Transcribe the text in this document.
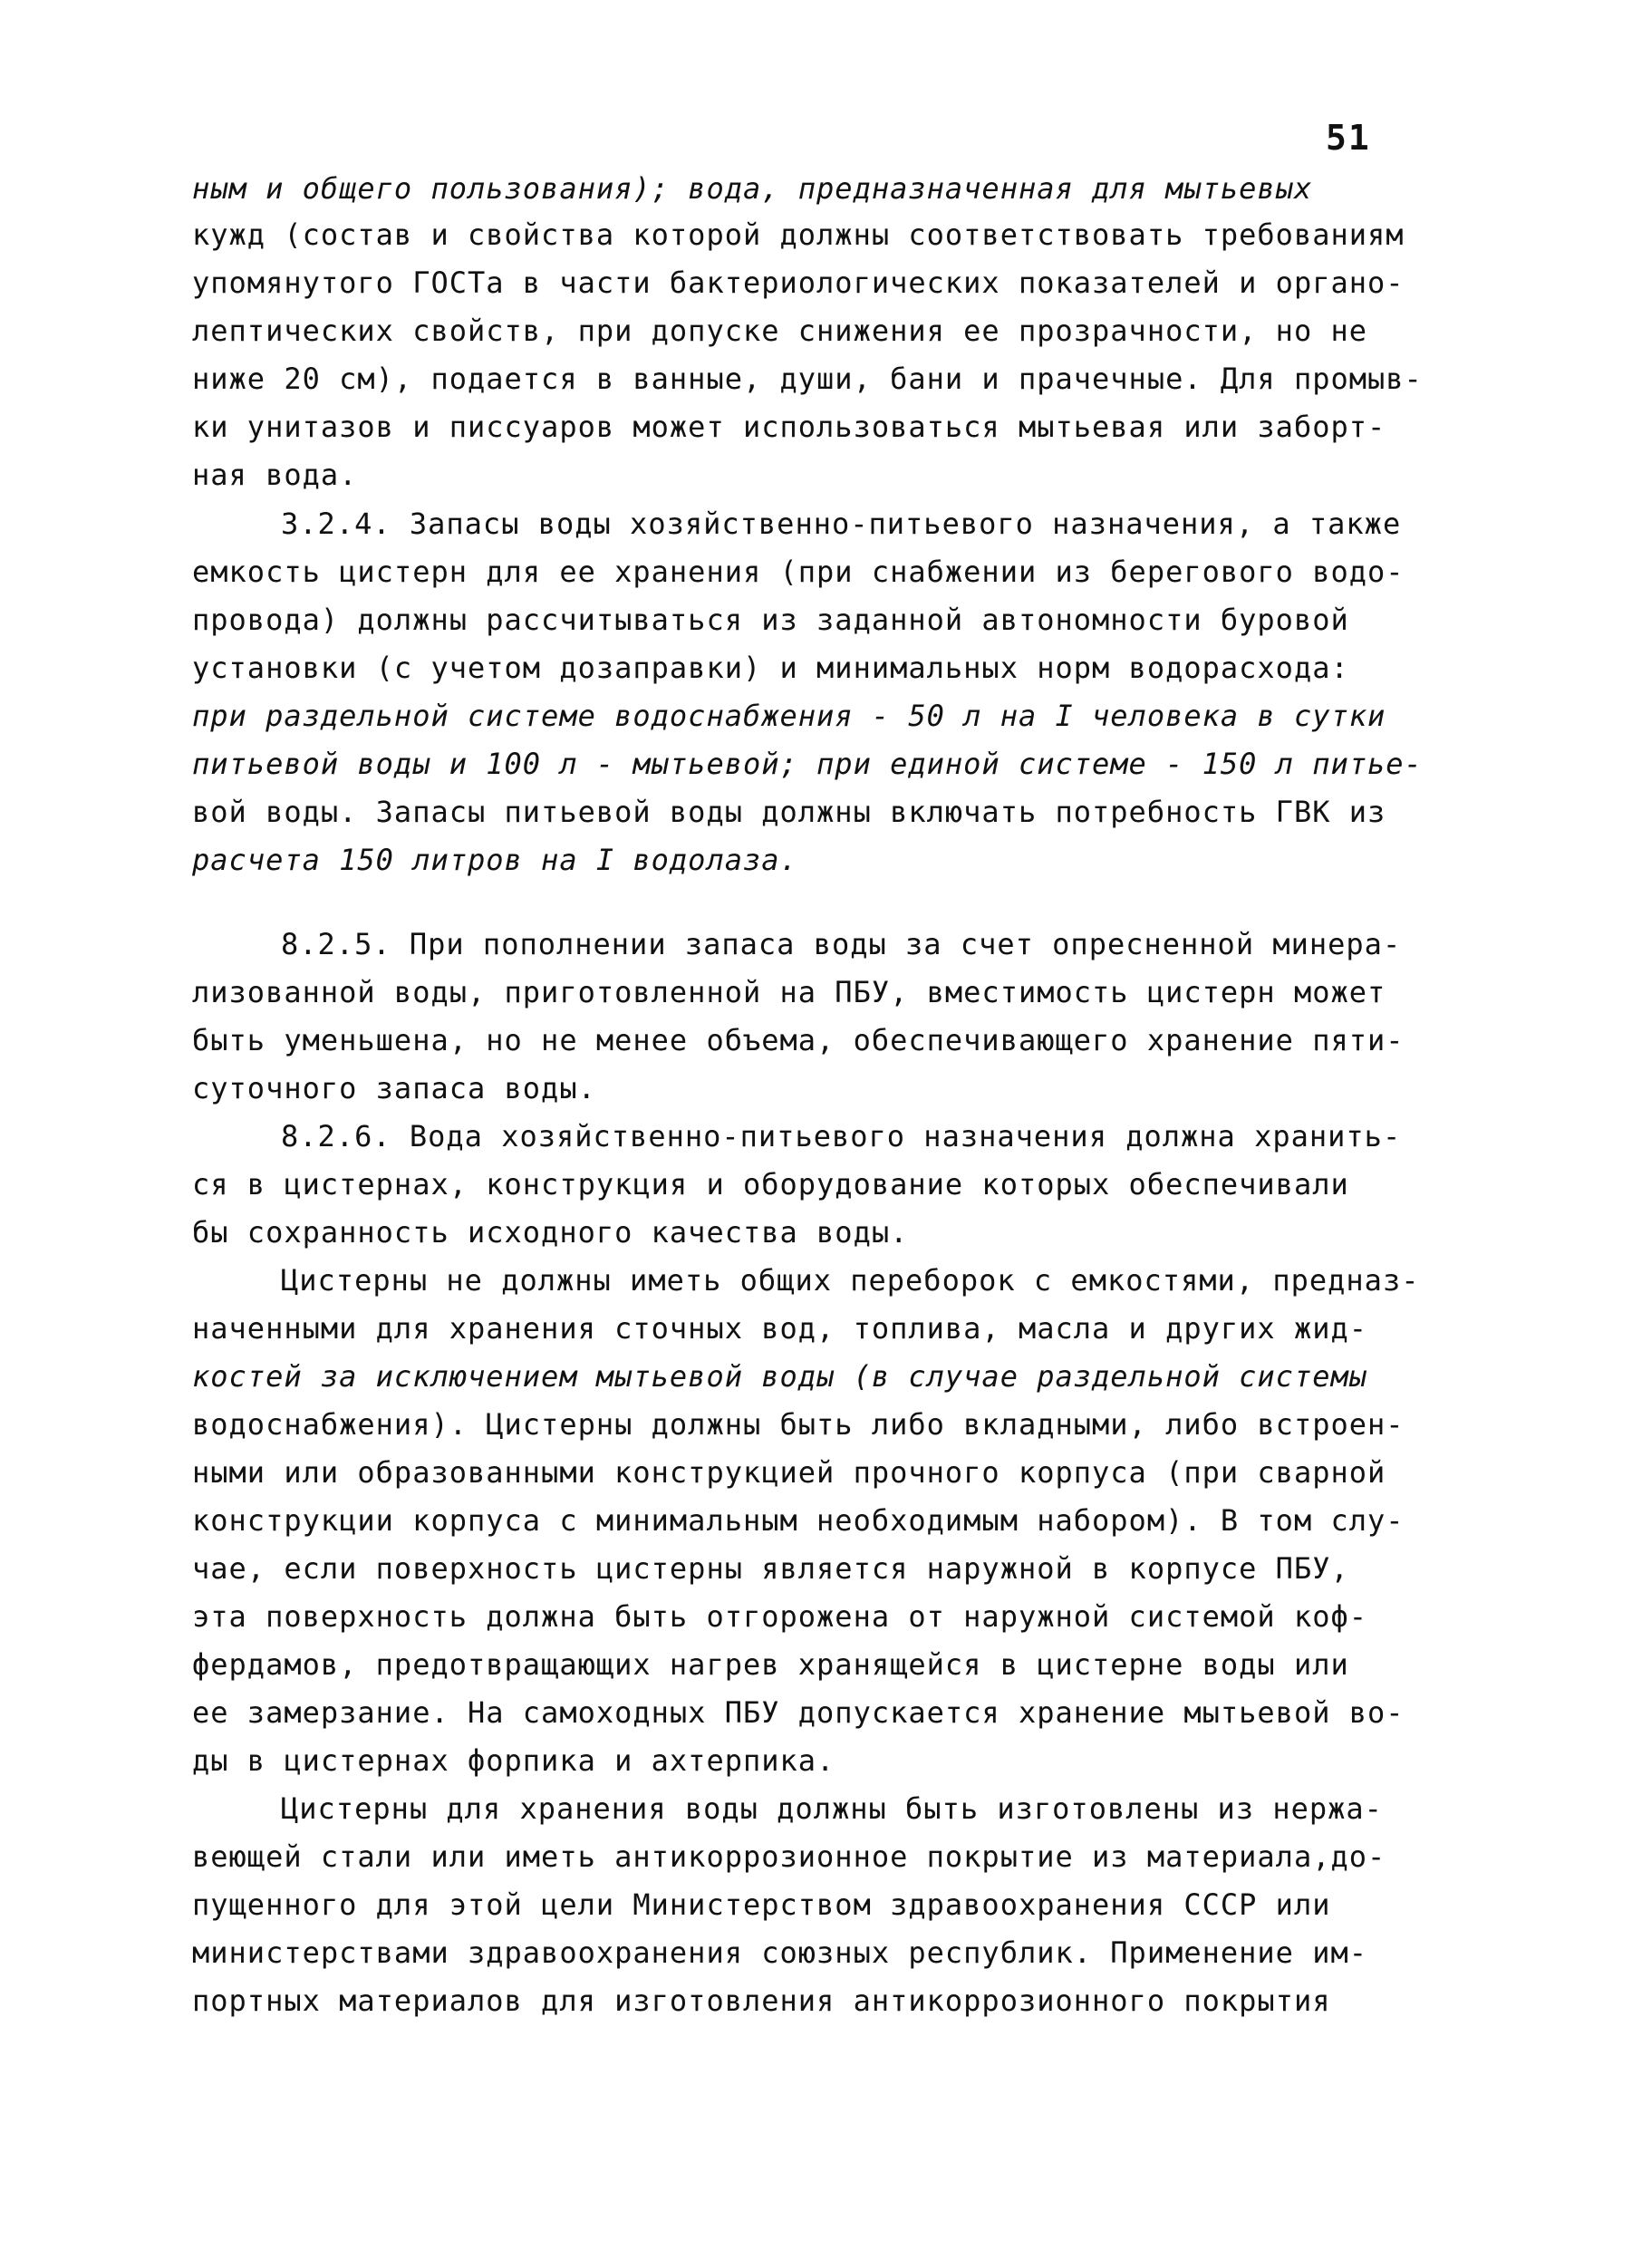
51
ным и общего пользования); вода, предназначенная для мытьевых
кужд (состав и свойства которой должны соответствовать требованиям
упомянутого ГОСТа в части бактериологических показателей и органо-
лептических свойств, при допуске снижения ее прозрачности, но не
ниже 20 см), подается в ванные, души, бани и прачечные. Для промыв-
ки унитазов и писсуаров может использоваться мытьевая или заборт-
ная вода.
3.2.4. Запасы воды хозяйственно-питьевого назначения, а также
емкость цистерн для ее хранения (при снабжении из берегового водо-
провода) должны рассчитываться из заданной автономности буровой
установки (с учетом дозаправки) и минимальных норм водорасхода:
при раздельной системе водоснабжения - 50 л на I человека в сутки
питьевой воды и 100 л - мытьевой; при единой системе - 150 л питье-
вой воды. Запасы питьевой воды должны включать потребность ГВК из
расчета 150 литров на I водолаза.
8.2.5. При пополнении запаса воды за счет опресненной минера-
лизованной воды, приготовленной на ПБУ, вместимость цистерн может
быть уменьшена, но не менее объема, обеспечивающего хранение пяти-
суточного запаса воды.
8.2.6. Вода хозяйственно-питьевого назначения должна хранить-
ся в цистернах, конструкция и оборудование которых обеспечивали
бы сохранность исходного качества воды.
Цистерны не должны иметь общих переборок с емкостями, предназ-
наченными для хранения сточных вод, топлива, масла и других жид-
костей за исключением мытьевой воды (в случае раздельной системы
водоснабжения). Цистерны должны быть либо вкладными, либо встроен-
ными или образованными конструкцией прочного корпуса (при сварной
конструкции корпуса с минимальным необходимым набором). В том слу-
чае, если поверхность цистерны является наружной в корпусе ПБУ,
эта поверхность должна быть отгорожена от наружной системой коф-
фердамов, предотвращающих нагрев хранящейся в цистерне воды или
ее замерзание. На самоходных ПБУ допускается хранение мытьевой во-
ды в цистернах форпика и ахтерпика.
Цистерны для хранения воды должны быть изготовлены из нержа-
веющей стали или иметь антикоррозионное покрытие из материала,до-
пущенного для этой цели Министерством здравоохранения СССР или
министерствами здравоохранения союзных республик. Применение им-
портных материалов для изготовления антикоррозионного покрытия
